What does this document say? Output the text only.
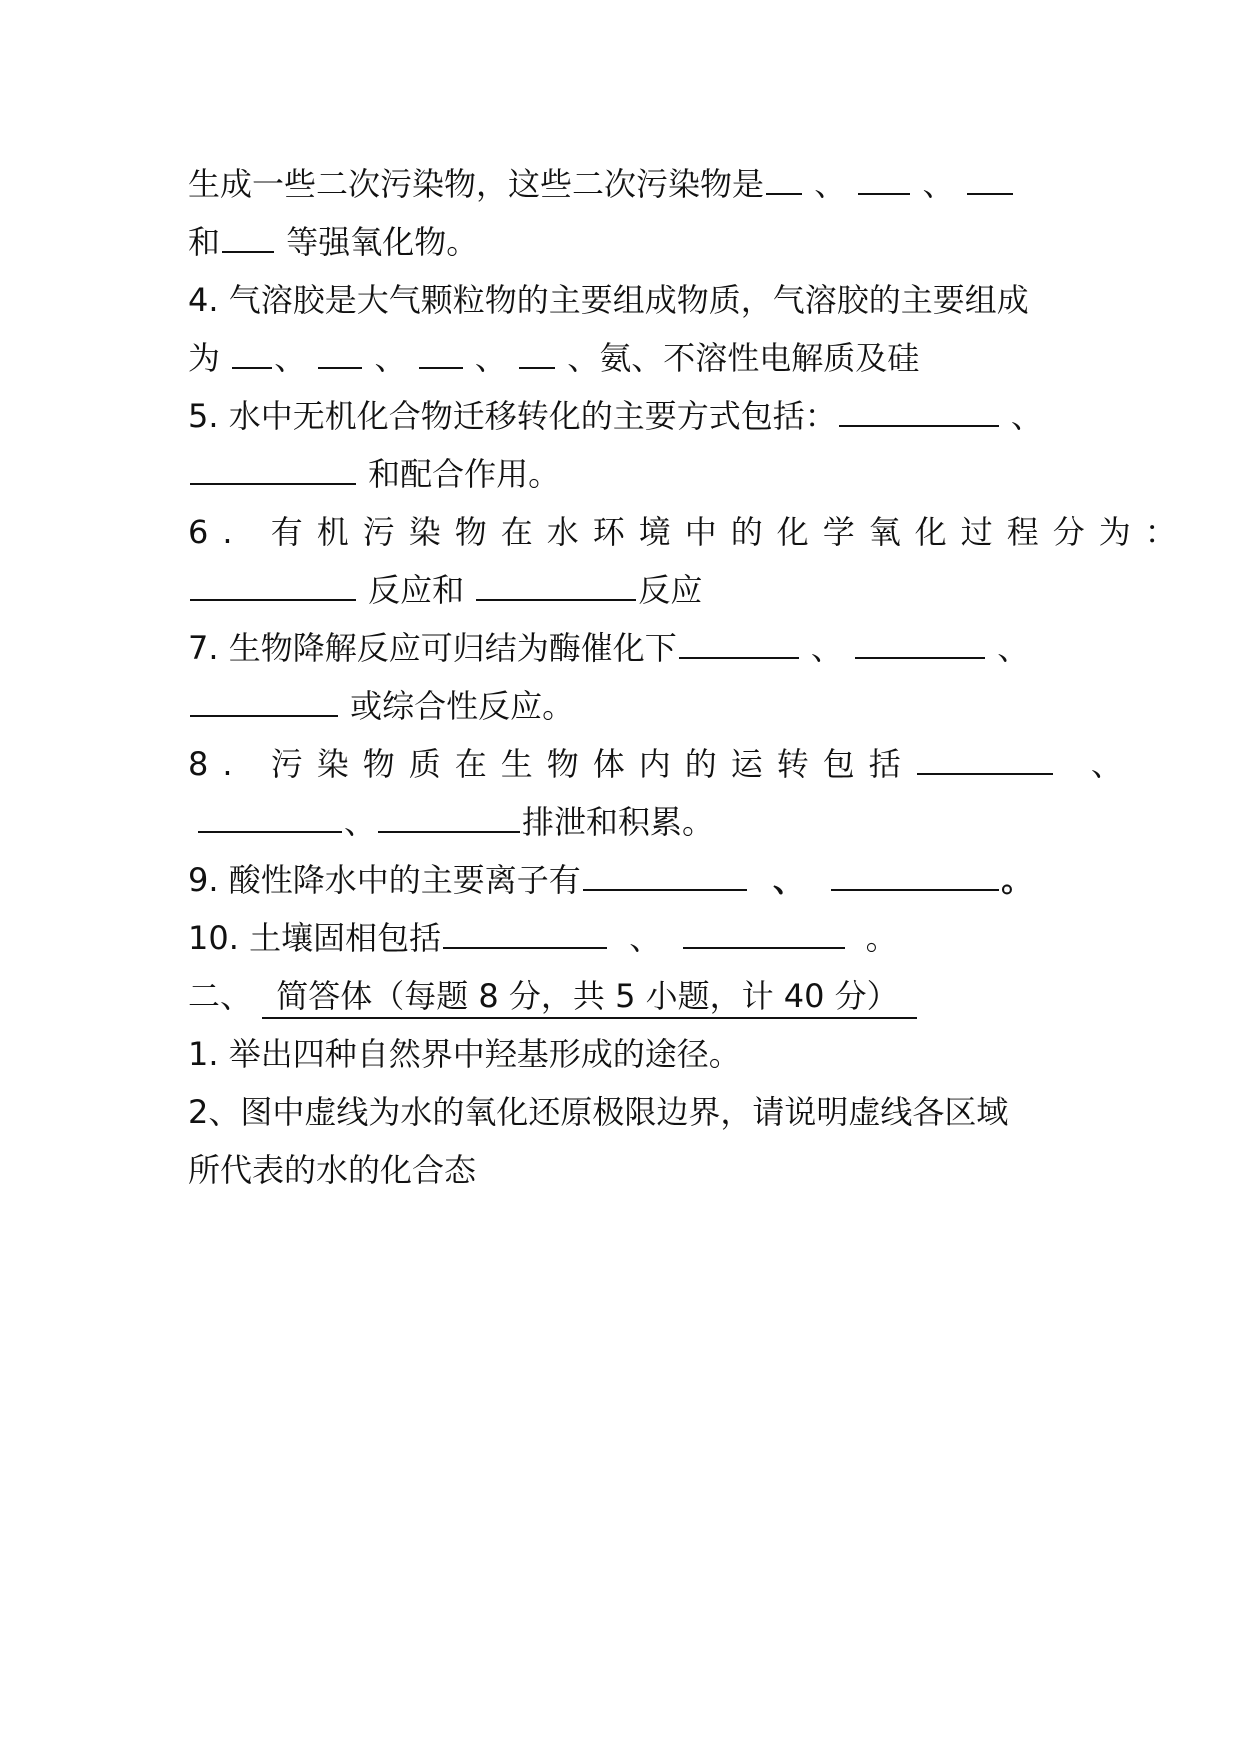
生成一些二次污染物，这些二次污染物是 、 、
和 等强氧化物。
4. 气溶胶是大气颗粒物的主要组成物质，气溶胶的主要组成
为 、 、 、 、氨、不溶性电解质及硅
5. 水中无机化合物迁移转化的主要方式包括：	、
和配合作用。
6. 有机污染物在水环境中的化学氧化过程分为：
反应和	反应
7. 生物降解反应可归结为酶催化下	、	、
或综合性反应。
8. 污染物质在生物体内的运转包括	、
、	排泄和积累。
9. 酸性降水中的主要离子有	、	。
10. 土壤固相包括	、	。
二、 简答体（每题 8 分，共 5 小题，计 40 分）
1. 举出四种自然界中羟基形成的途径。
2、图中虚线为水的氧化还原极限边界，请说明虚线各区域
所代表的水的化合态
